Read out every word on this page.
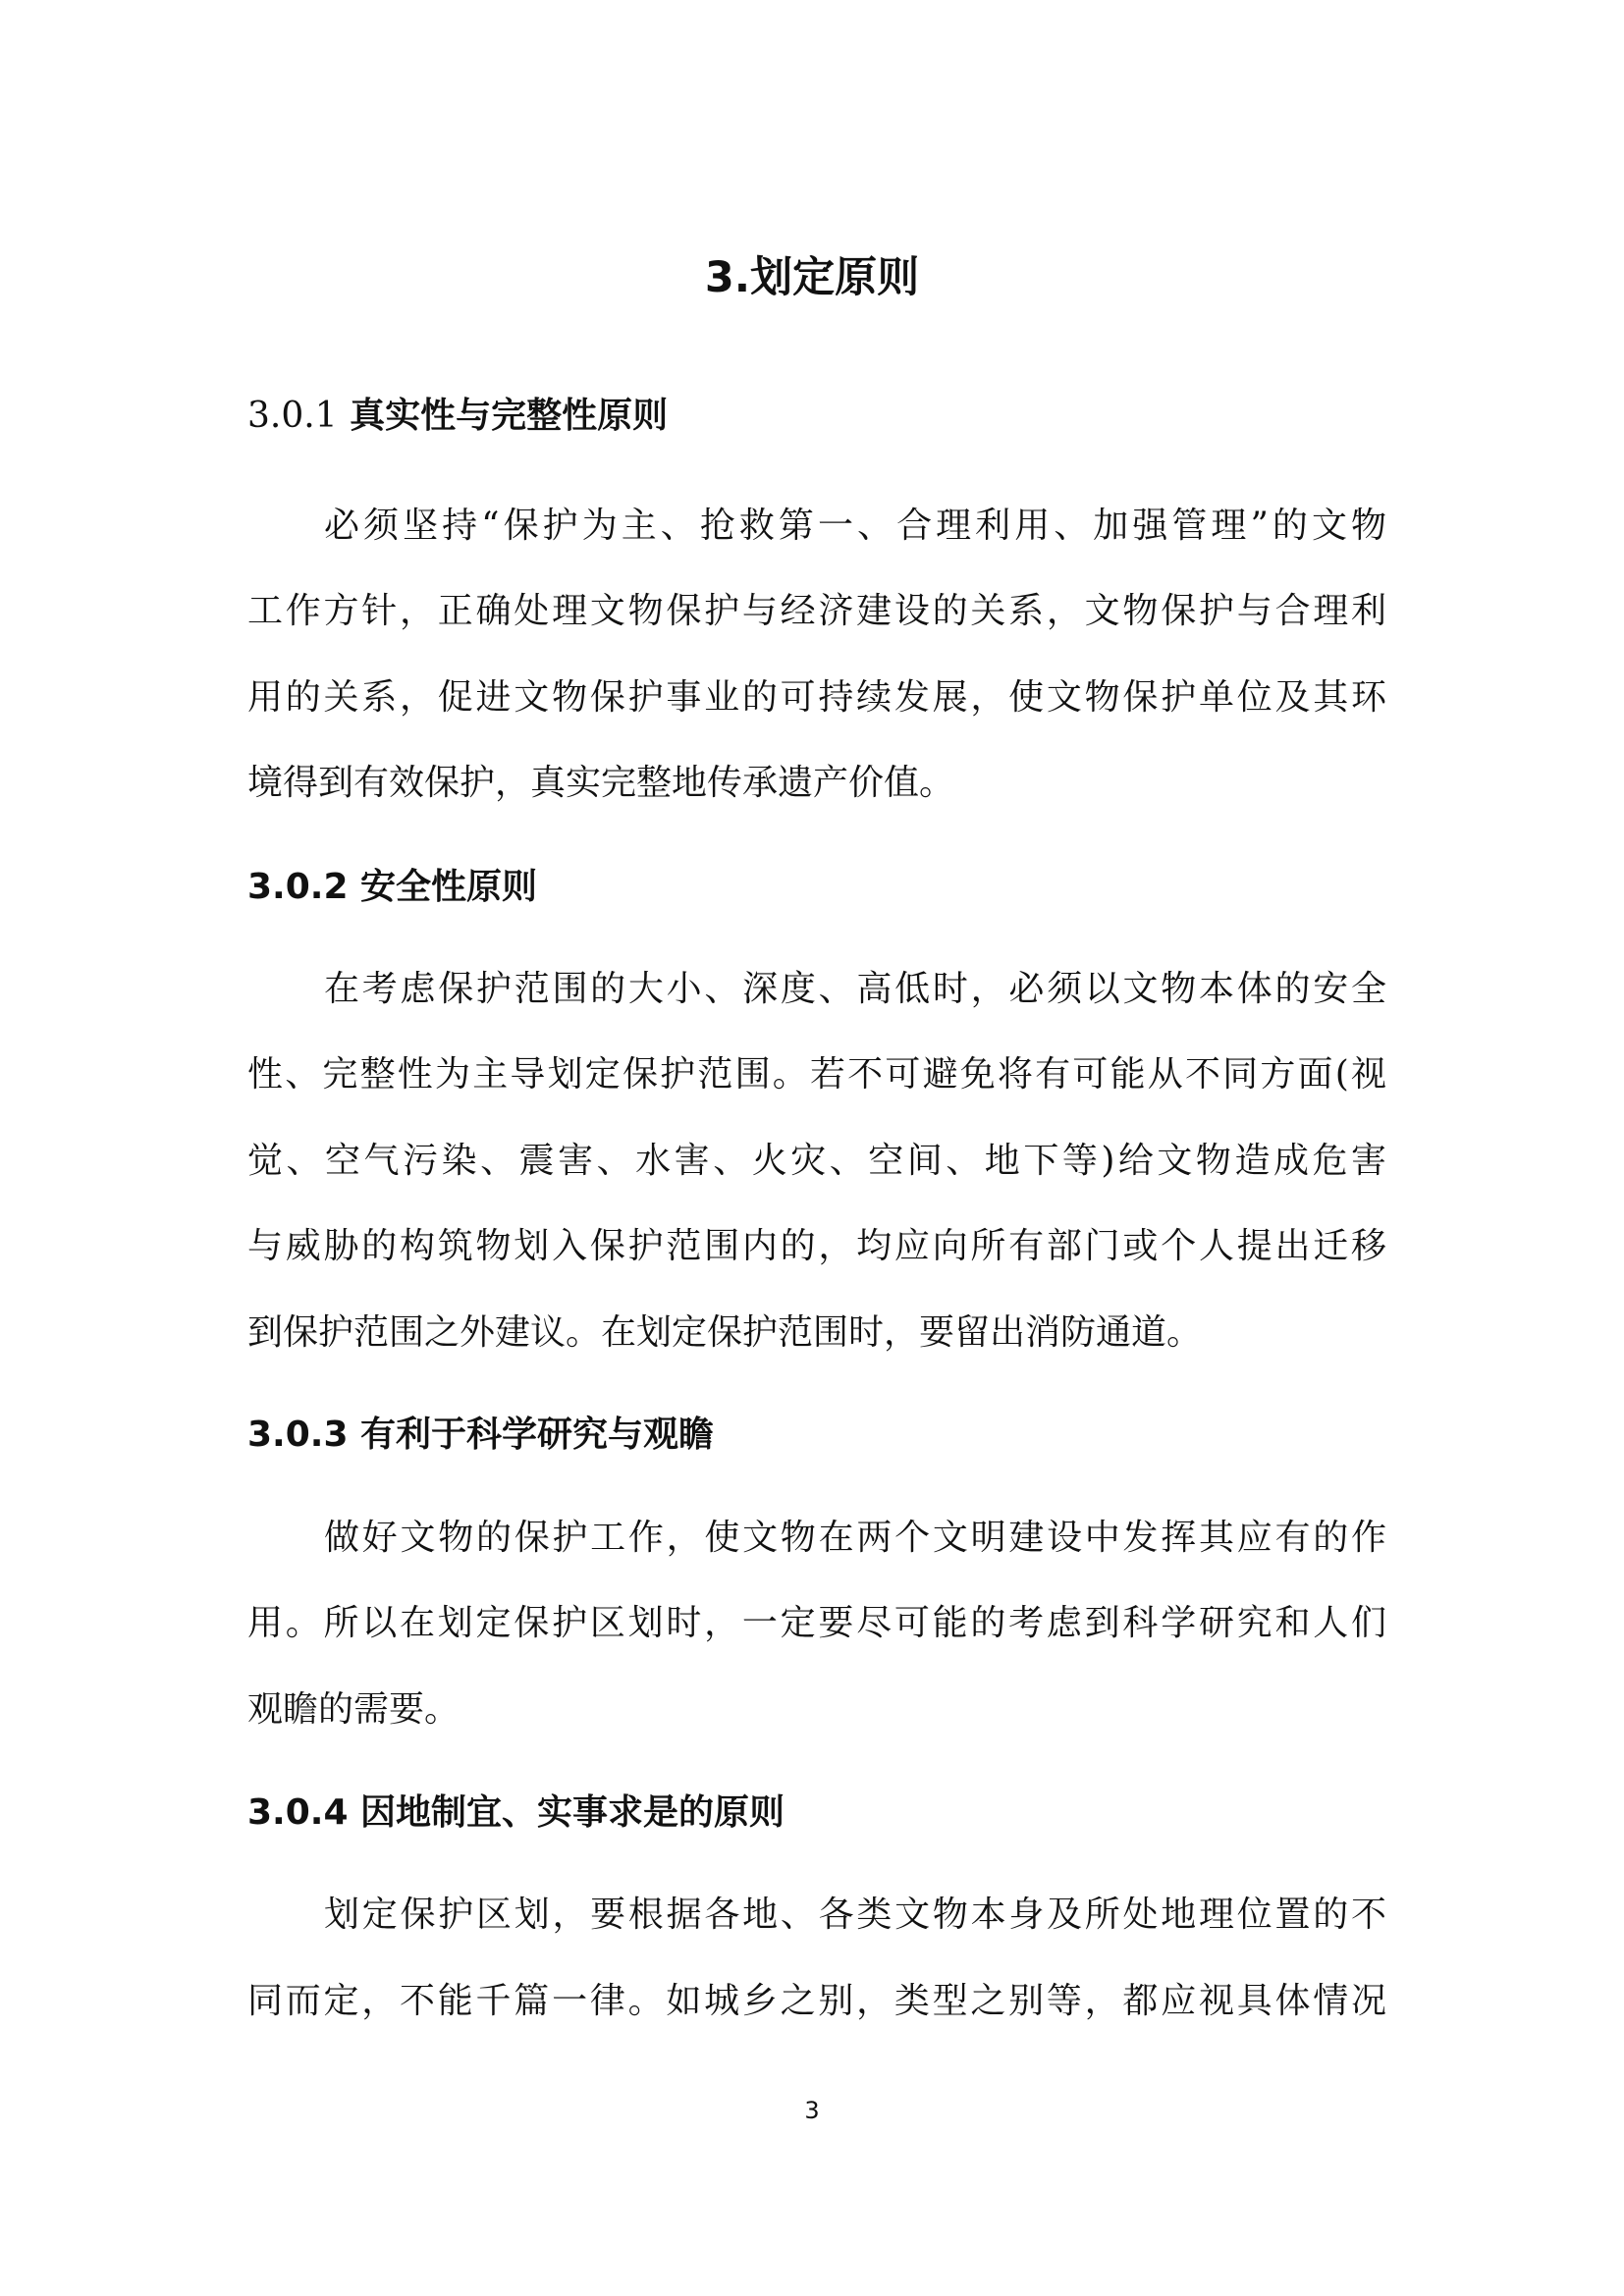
3.划定原则
3.0.1 真实性与完整性原则

必须坚持“保护为主、抢救第一、合理利用、加强管理”的文物

工作方针，正确处理文物保护与经济建设的关系，文物保护与合理利

用的关系，促进文物保护事业的可持续发展，使文物保护单位及其环

境得到有效保护，真实完整地传承遗产价值。

3.0.2 安全性原则

在考虑保护范围的大小、深度、高低时，必须以文物本体的安全

性、完整性为主导划定保护范围。若不可避免将有可能从不同方面(视

觉、空气污染、震害、水害、火灾、空间、地下等)给文物造成危害

与威胁的构筑物划入保护范围内的，均应向所有部门或个人提出迁移

到保护范围之外建议。在划定保护范围时，要留出消防通道。

3.0.3 有利于科学研究与观瞻

做好文物的保护工作，使文物在两个文明建设中发挥其应有的作

用。所以在划定保护区划时，一定要尽可能的考虑到科学研究和人们

观瞻的需要。

3.0.4 因地制宜、实事求是的原则

划定保护区划，要根据各地、各类文物本身及所处地理位置的不

同而定，不能千篇一律。如城乡之别，类型之别等，都应视具体情况

3
